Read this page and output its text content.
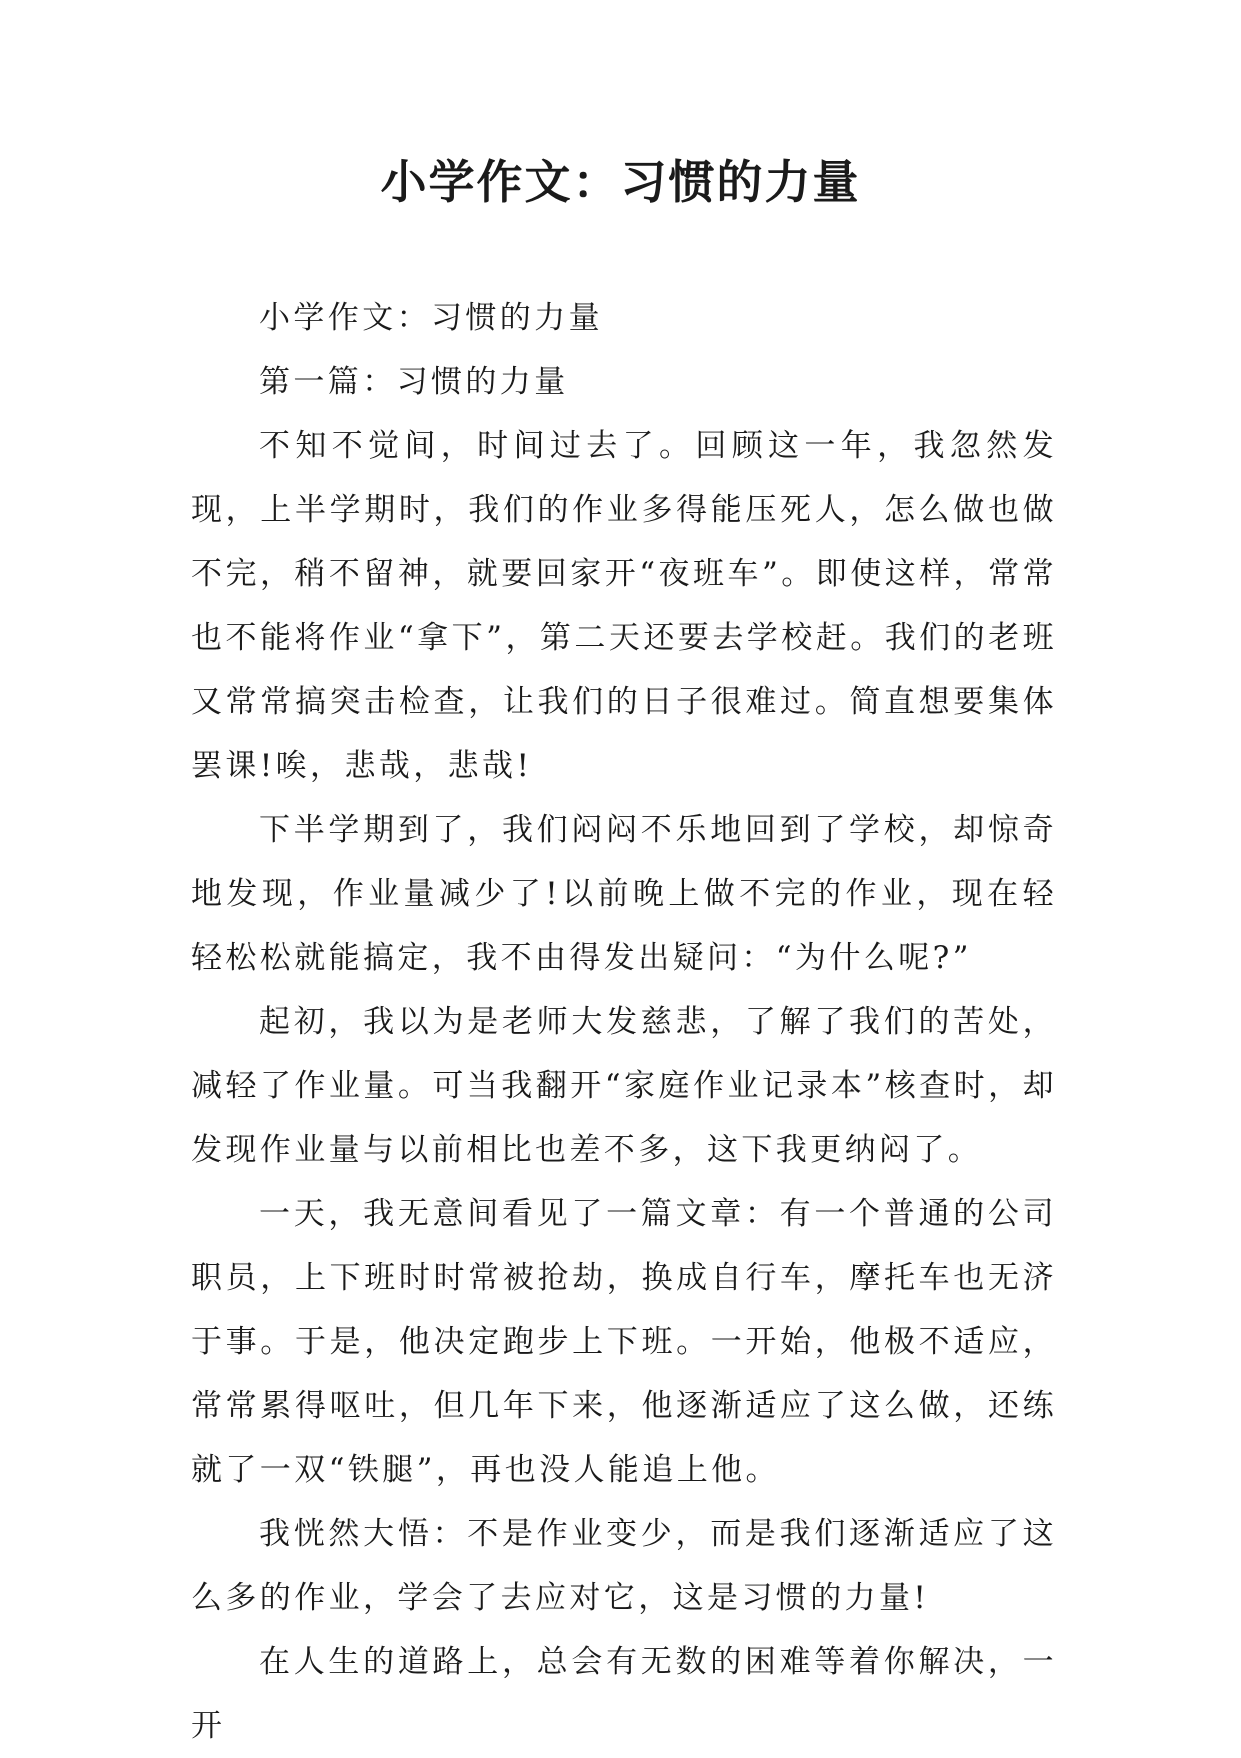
小学作文：习惯的力量

小学作文：习惯的力量

第一篇：习惯的力量

不知不觉间，时间过去了。回顾这一年，我忽然发现，上半学期时，我们的作业多得能压死人，怎么做也做不完，稍不留神，就要回家开“夜班车”。即使这样，常常也不能将作业“拿下”，第二天还要去学校赶。我们的老班又常常搞突击检查，让我们的日子很难过。简直想要集体罢课!唉，悲哉，悲哉!

下半学期到了，我们闷闷不乐地回到了学校，却惊奇地发现，作业量减少了!以前晚上做不完的作业，现在轻轻松松就能搞定，我不由得发出疑问：“为什么呢?”

起初，我以为是老师大发慈悲，了解了我们的苦处，减轻了作业量。可当我翻开“家庭作业记录本”核查时，却发现作业量与以前相比也差不多，这下我更纳闷了。

一天，我无意间看见了一篇文章：有一个普通的公司职员，上下班时时常被抢劫，换成自行车，摩托车也无济于事。于是，他决定跑步上下班。一开始，他极不适应，常常累得呕吐，但几年下来，他逐渐适应了这么做，还练就了一双“铁腿”，再也没人能追上他。

我恍然大悟：不是作业变少，而是我们逐渐适应了这么多的作业，学会了去应对它，这是习惯的力量!

在人生的道路上，总会有无数的困难等着你解决，一开
